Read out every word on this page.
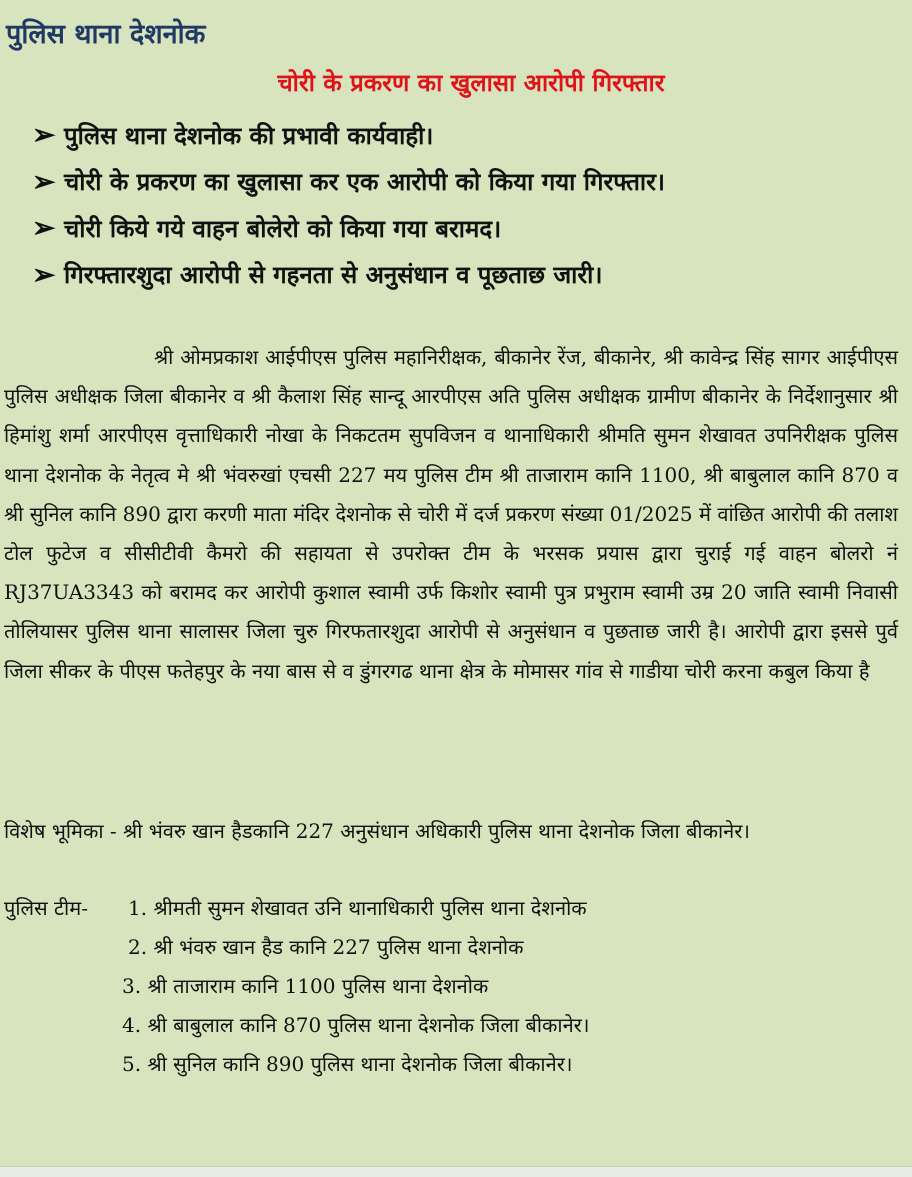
पुलिस थाना देशनोक
चोरी के प्रकरण का खुलासा आरोपी गिरफ्तार
➢ पुलिस थाना देशनोक की प्रभावी कार्यवाही।
➢ चोरी के प्रकरण का खुलासा कर एक आरोपी को किया गया गिरफ्तार।
➢ चोरी किये गये वाहन बोलेरो को किया गया बरामद।
➢ गिरफ्तारशुदा आरोपी से गहनता से अनुसंधान व पूछताछ जारी।

श्री ओमप्रकाश आईपीएस पुलिस महानिरीक्षक, बीकानेर रेंज, बीकानेर, श्री कावेन्द्र सिंह सागर आईपीएस पुलिस अधीक्षक जिला बीकानेर व श्री कैलाश सिंह सान्दू आरपीएस अति पुलिस अधीक्षक ग्रामीण बीकानेर के निर्देशानुसार श्री हिमांशु शर्मा आरपीएस वृत्ताधिकारी नोखा के निकटतम सुपविजन व थानाधिकारी श्रीमति सुमन शेखावत उपनिरीक्षक पुलिस थाना देशनोक के नेतृत्व मे श्री भंवरुखां एचसी 227 मय पुलिस टीम श्री ताजाराम कानि 1100, श्री बाबुलाल कानि 870 व श्री सुनिल कानि 890 द्वारा करणी माता मंदिर देशनोक से चोरी में दर्ज प्रकरण संख्या 01/2025 में वांछित आरोपी की तलाश टोल फुटेज व सीसीटीवी कैमरो की सहायता से उपरोक्त टीम के भरसक प्रयास द्वारा चुराई गई वाहन बोलरो नं RJ37UA3343 को बरामद कर आरोपी कुशाल स्वामी उर्फ किशोर स्वामी पुत्र प्रभुराम स्वामी उम्र 20 जाति स्वामी निवासी तोलियासर पुलिस थाना सालासर जिला चुरु गिरफतारशुदा आरोपी से अनुसंधान व पुछताछ जारी है। आरोपी द्वारा इससे पुर्व जिला सीकर के पीएस फतेहपुर के नया बास से व डुंगरगढ थाना क्षेत्र के मोमासर गांव से गाडीया चोरी करना कबुल किया है

विशेष भूमिका - श्री भंवरु खान हैडकानि 227 अनुसंधान अधिकारी पुलिस थाना देशनोक जिला बीकानेर।

पुलिस टीम- 1. श्रीमती सुमन शेखावत उनि थानाधिकारी पुलिस थाना देशनोक
2. श्री भंवरु खान हैड कानि 227 पुलिस थाना देशनोक
3. श्री ताजाराम कानि 1100 पुलिस थाना देशनोक
4. श्री बाबुलाल कानि 870 पुलिस थाना देशनोक जिला बीकानेर।
5. श्री सुनिल कानि 890 पुलिस थाना देशनोक जिला बीकानेर।
